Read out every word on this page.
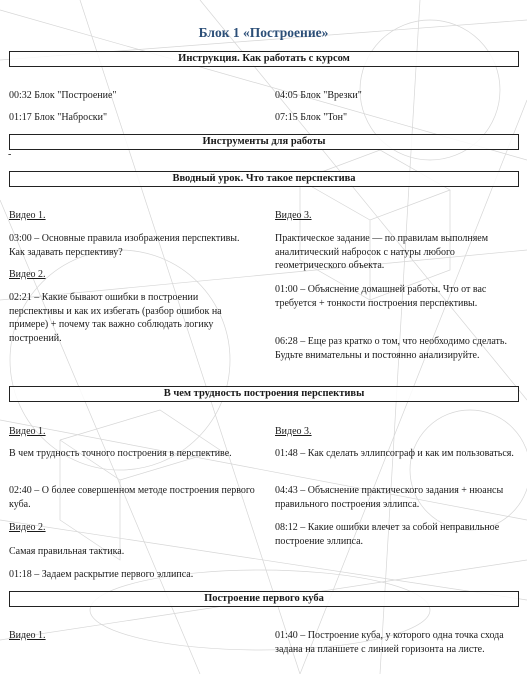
Блок 1 «Построение»
Инструкция. Как работать с курсом

00:32 Блок "Построение"

01:17 Блок "Наброски"

04:05 Блок "Врезки"

07:15 Блок "Тон"

Инструменты для работы
-
Вводный урок. Что такое перспектива

Видео 1.

03:00 – Основные правила изображения перспективы. Как задавать перспективу?

Видео 2.

02:21 – Какие бывают ошибки в построении перспективы и как их избегать (разбор ошибок на примере) + почему так важно соблюдать логику построений.

Видео 3.

Практическое задание — по правилам выполняем аналитический набросок с натуры любого геометрического объекта.

01:00 – Объяснение домашней работы. Что от вас требуется + тонкости построения перспективы.

06:28 – Еще раз кратко о том, что необходимо сделать. Будьте внимательны и постоянно анализируйте.

В чем трудность построения перспективы

Видео 1.

В чем трудность точного построения в перспективе.

02:40 – О более совершенном методе построения первого куба.

Видео 2.

Самая правильная тактика.

01:18 – Задаем раскрытие первого эллипса.

Видео 3.

01:48 – Как сделать эллипсограф и как им пользоваться.

04:43 – Объяснение практического задания + нюансы правильного построения эллипса.

08:12 – Какие ошибки влечет за собой неправильное построение эллипса.

Построение первого куба

Видео 1.	01:40 – Построение куба, у которого одна точка схода задана на планшете с линией горизонта на листе.
